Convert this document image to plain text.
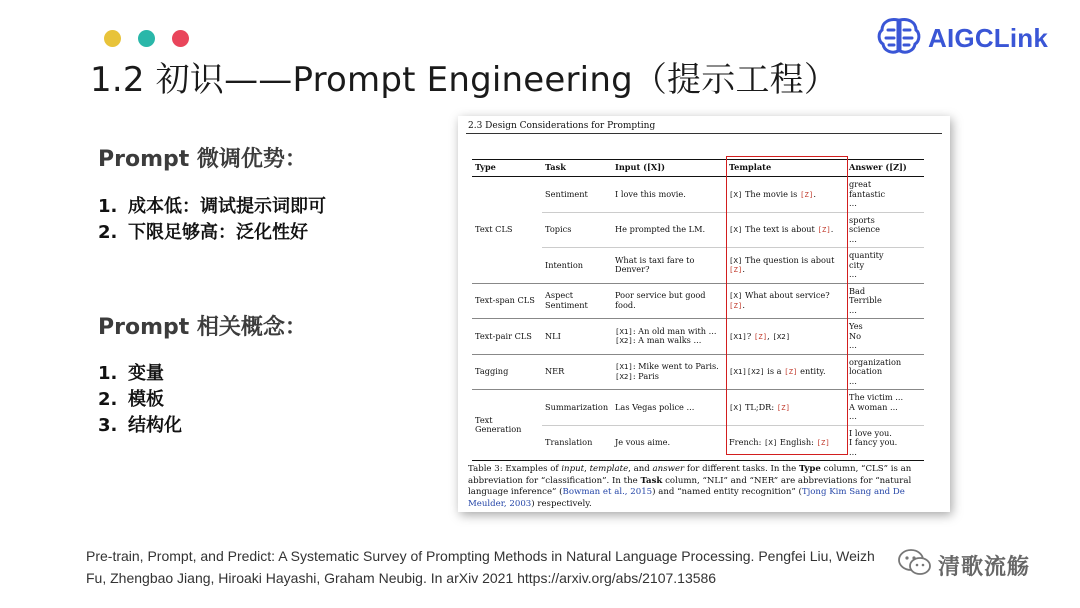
AIGCLink
1.2 初识——Prompt Engineering（提示工程）
Prompt 微调优势：
1. 成本低：调试提示词即可
2. 下限足够高：泛化性好
Prompt 相关概念：
1. 变量
2. 模板
3. 结构化
2.3 Design Considerations for Prompting
Type	Task	Input ([X])	Template	Answer ([Z])
Text CLS	Sentiment	I love this movie.	[X] The movie is [Z].	great
fantastic
...
	Topics	He prompted the LM.	[X] The text is about [Z].	sports
science
...
	Intention	What is taxi fare to Denver?	[X] The question is about [Z].	quantity
city
...
Text-span CLS	Aspect
Sentiment	Poor service but good food.	[X] What about service? [Z].	Bad
Terrible
...
Text-pair CLS	NLI	[X1]: An old man with ...
[X2]: A man walks ...	[X1]? [Z], [X2]	Yes
No
...
Tagging	NER	[X1]: Mike went to Paris.
[X2]: Paris	[X1][X2] is a [Z] entity.	organization
location
...
Text Generation	Summarization	Las Vegas police ...	[X] TL;DR: [Z]	The victim ...
A woman ...
...
	Translation	Je vous aime.	French: [X] English: [Z]	I love you.
I fancy you.
...
Table 3: Examples of input, template, and answer for different tasks. In the Type column, “CLS” is an abbreviation for “classification”. In the Task column, “NLI” and “NER” are abbreviations for “natural language inference” (Bowman et al., 2015) and “named entity recognition” (Tjong Kim Sang and De Meulder, 2003) respectively.
Pre-train, Prompt, and Predict: A Systematic Survey of Prompting Methods in Natural Language Processing. Pengfei Liu, Weizh
Fu, Zhengbao Jiang, Hiroaki Hayashi, Graham Neubig. In arXiv 2021 https://arxiv.org/abs/2107.13586	清歌流觞
